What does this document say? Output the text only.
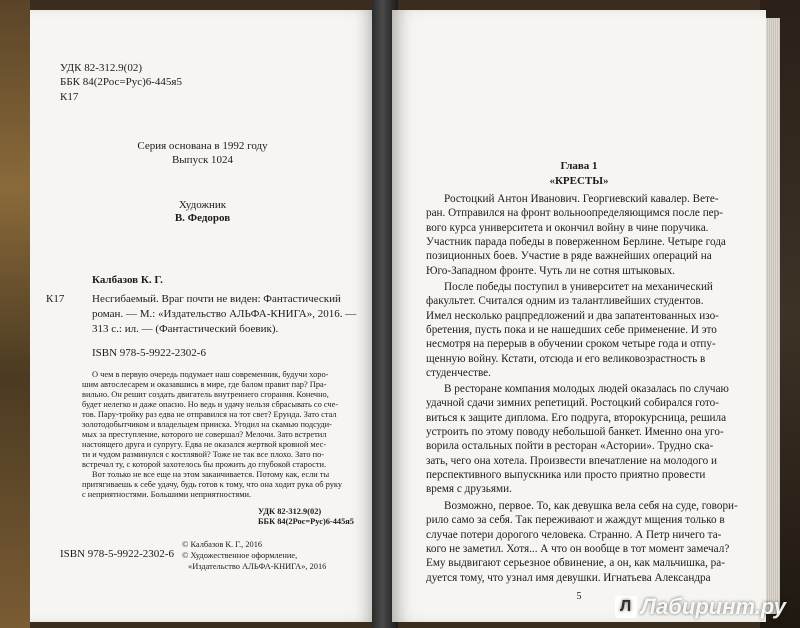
УДК 82-312.9(02)
ББК 84(2Рос=Рус)6-445я5
К17
Серия основана в 1992 году
Выпуск 1024
Художник
В. Федоров
Калбазов К. Г.
К17	Несгибаемый. Враг почти не виден: Фантастический
роман. — М.: «Издательство АЛЬФА-КНИГА», 2016. —
313 с.: ил. — (Фантастический боевик).
ISBN 978-5-9922-2302-6
О чем в первую очередь подумает наш современник, будучи хоро-
шим автослесарем и оказавшись в мире, где балом правит пар? Пра-
вильно. Он решит создать двигатель внутреннего сгорания. Конечно,
будет нелегко и даже опасно. Но ведь и удачу нельзя сбрасывать со сче-
тов. Пару-тройку раз едва не отправился на тот свет? Ерунда. Зато стал
золотодобытчиком и владельцем прииска. Угодил на скамью подсуди-
мых за преступление, которого не совершал? Мелочи. Зато встретил
настоящего друга и супругу. Едва не оказался жертвой кровной мес-
ти и чудом разминулся с костлявой? Тоже не так все плохо. Зато по-
встречал ту, с которой захотелось бы прожить до глубокой старости.
Вот только не все еще на этом заканчивается. Потому как, если ты
притягиваешь к себе удачу, будь готов к тому, что она ходит рука об руку
с неприятностями. Большими неприятностями.
УДК 82-312.9(02)
ББК 84(2Рос=Рус)6-445я5
© Калбазов К. Г., 2016
© Художественное оформление,
«Издательство АЛЬФА-КНИГА», 2016
ISBN 978-5-9922-2302-6
Глава 1
«КРЕСТЫ»
Ростоцкий Антон Иванович. Георгиевский кавалер. Вете-
ран. Отправился на фронт вольноопределяющимся после пер-
вого курса университета и окончил войну в чине поручика.
Участник парада победы в поверженном Берлине. Четыре года
позиционных боев. Участие в ряде важнейших операций на
Юго-Западном фронте. Чуть ли не сотня штыковых.
После победы поступил в университет на механический
факультет. Считался одним из талантливейших студентов.
Имел несколько рацпредложений и два запатентованных изо-
бретения, пусть пока и не нашедших себе применение. И это
несмотря на перерыв в обучении сроком четыре года и отпу-
щенную войну. Кстати, отсюда и его великовозрастность в
студенчестве.
В ресторане компания молодых людей оказалась по случаю
удачной сдачи зимних репетиций. Ростоцкий собирался гото-
виться к защите диплома. Его подруга, второкурсница, решила
устроить по этому поводу небольшой банкет. Именно она уго-
ворила остальных пойти в ресторан «Астории». Трудно ска-
зать, чего она хотела. Произвести впечатление на молодого и
перспективного выпускника или просто приятно провести
время с друзьями.
Возможно, первое. То, как девушка вела себя на суде, говори-
рило само за себя. Так переживают и жаждут мщения только в
случае потери дорогого человека. Странно. А Петр ничего та-
кого не заметил. Хотя... А что он вообще в тот момент замечал?
Ему выдвигают серьезное обвинение, а он, как мальчишка, ра-
дуется тому, что узнал имя девушки. Игнатьева Александра
5
Л Лабиринт.ру
